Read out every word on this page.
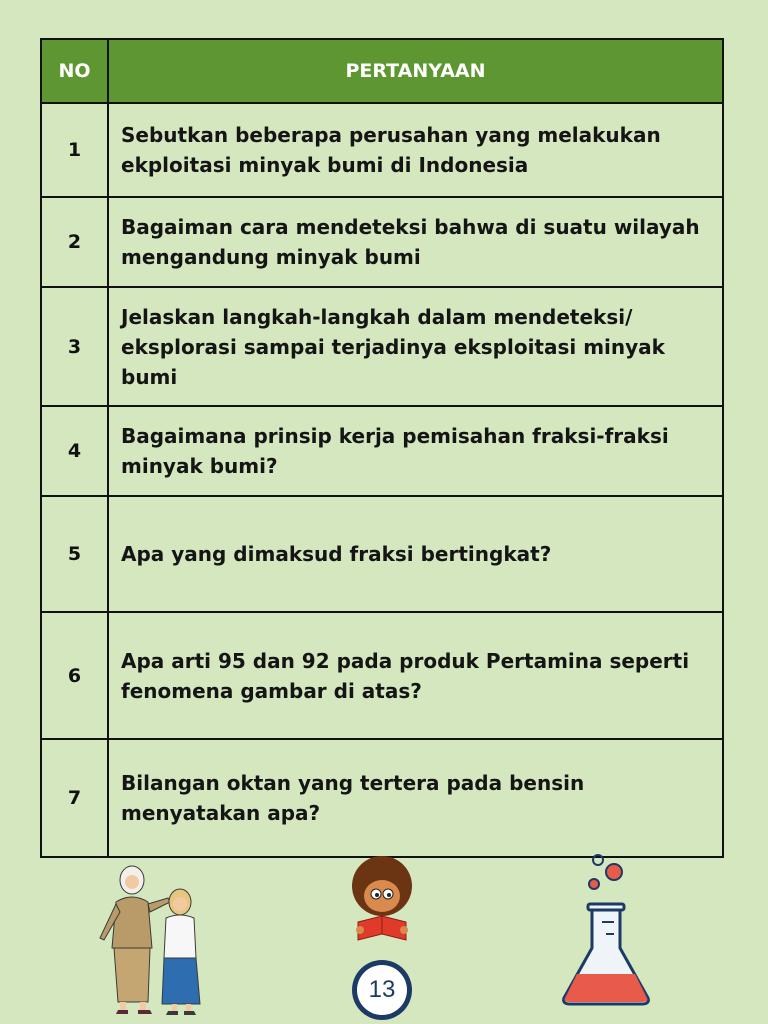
NO	PERTANYAAN
1	Sebutkan beberapa perusahan yang melakukan ekploitasi minyak bumi di Indonesia
2	Bagaiman cara mendeteksi bahwa di suatu wilayah mengandung minyak bumi
3	Jelaskan langkah-langkah dalam mendeteksi/ eksplorasi sampai terjadinya eksploitasi minyak bumi
4	Bagaimana prinsip kerja pemisahan fraksi-fraksi minyak bumi?
5	Apa yang dimaksud fraksi bertingkat?
6	Apa arti 95 dan 92 pada produk Pertamina seperti fenomena gambar di atas?
7	Bilangan oktan yang tertera pada bensin menyatakan apa?
13
